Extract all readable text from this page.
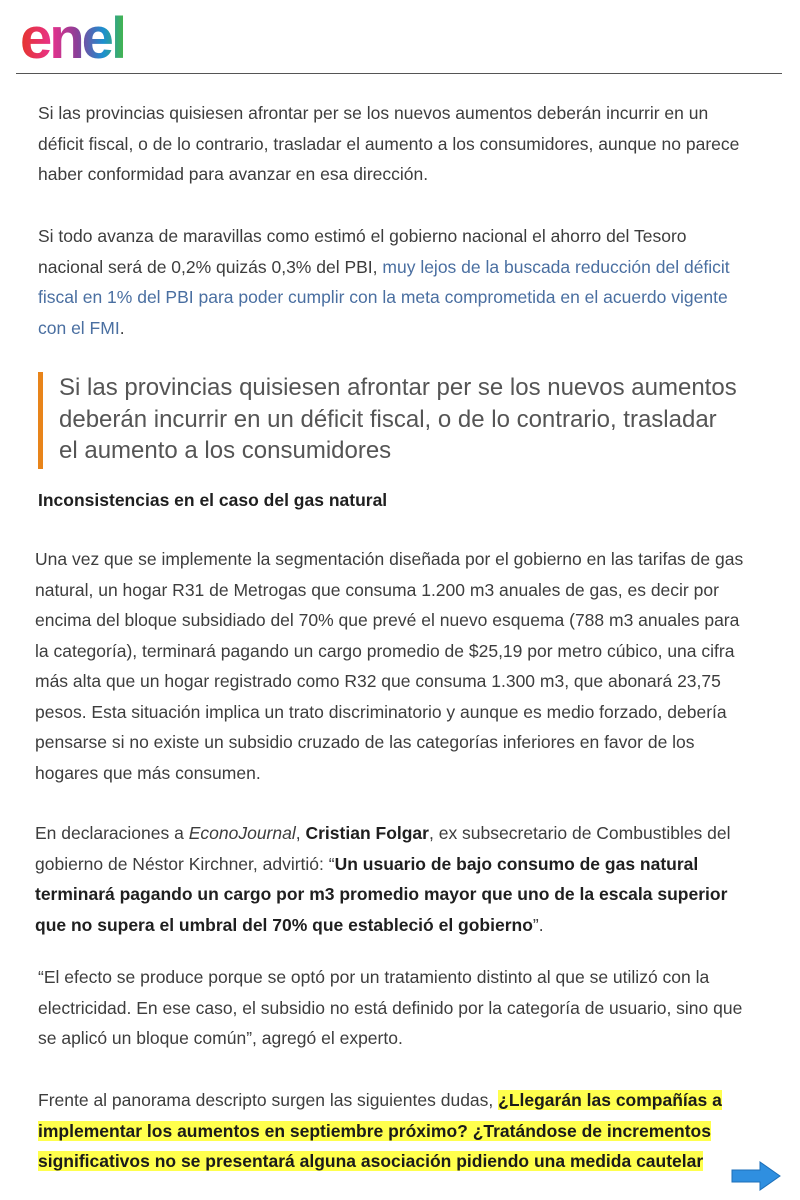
enel

Si las provincias quisiesen afrontar per se los nuevos aumentos deberán incurrir en un déficit fiscal, o de lo contrario, trasladar el aumento a los consumidores, aunque no parece haber conformidad para avanzar en esa dirección.

Si todo avanza de maravillas como estimó el gobierno nacional el ahorro del Tesoro nacional será de 0,2% quizás 0,3% del PBI, muy lejos de la buscada reducción del déficit fiscal en 1% del PBI para poder cumplir con la meta comprometida en el acuerdo vigente con el FMI.

Si las provincias quisiesen afrontar per se los nuevos aumentos deberán incurrir en un déficit fiscal, o de lo contrario, trasladar el aumento a los consumidores

Inconsistencias en el caso del gas natural

Una vez que se implemente la segmentación diseñada por el gobierno en las tarifas de gas natural, un hogar R31 de Metrogas que consuma 1.200 m3 anuales de gas, es decir por encima del bloque subsidiado del 70% que prevé el nuevo esquema (788 m3 anuales para la categoría), terminará pagando un cargo promedio de $25,19 por metro cúbico, una cifra más alta que un hogar registrado como R32 que consuma 1.300 m3, que abonará 23,75 pesos. Esta situación implica un trato discriminatorio y aunque es medio forzado, debería pensarse si no existe un subsidio cruzado de las categorías inferiores en favor de los hogares que más consumen.

En declaraciones a EconoJournal, Cristian Folgar, ex subsecretario de Combustibles del gobierno de Néstor Kirchner, advirtió: “Un usuario de bajo consumo de gas natural terminará pagando un cargo por m3 promedio mayor que uno de la escala superior que no supera el umbral del 70% que estableció el gobierno”.

“El efecto se produce porque se optó por un tratamiento distinto al que se utilizó con la electricidad. En ese caso, el subsidio no está definido por la categoría de usuario, sino que se aplicó un bloque común”, agregó el experto.

Frente al panorama descripto surgen las siguientes dudas, ¿Llegarán las compañías a implementar los aumentos en septiembre próximo? ¿Tratándose de incrementos significativos no se presentará alguna asociación pidiendo una medida cautelar
